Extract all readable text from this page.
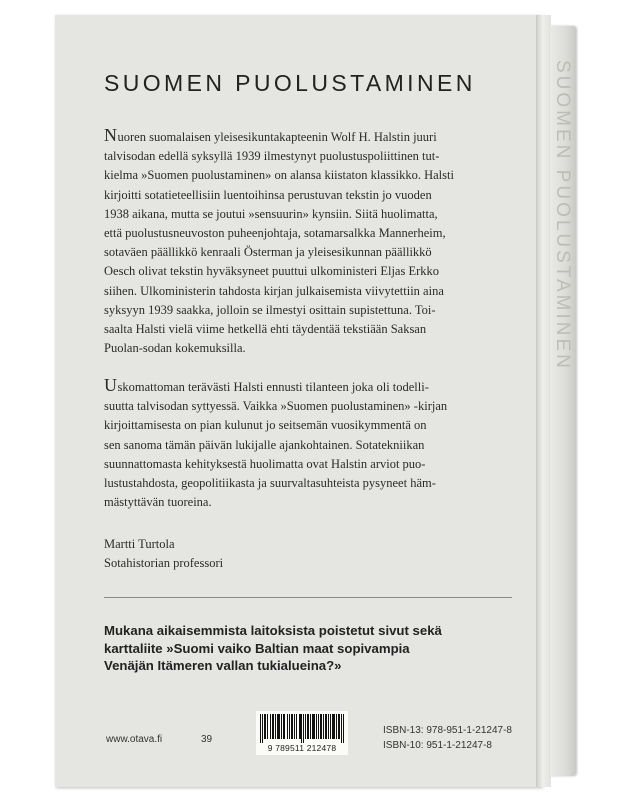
SUOMEN PUOLUSTAMINEN
SUOMEN PUOLUSTAMINEN
Nuoren suomalaisen yleisesikuntakapteenin Wolf H. Halstin juuri
talvisodan edellä syksyllä 1939 ilmestynyt puolustuspoliittinen tut-
kielma »Suomen puolustaminen» on alansa kiistaton klassikko. Halsti
kirjoitti sotatieteellisiin luentoihinsa perustuvan tekstin jo vuoden
1938 aikana, mutta se joutui »sensuurin» kynsiin. Siitä huolimatta,
että puolustusneuvoston puheenjohtaja, sotamarsalkka Mannerheim,
sotaväen päällikkö kenraali Österman ja yleisesikunnan päällikkö
Oesch olivat tekstin hyväksyneet puuttui ulkoministeri Eljas Erkko
siihen. Ulkoministerin tahdosta kirjan julkaisemista viivytettiin aina
syksyyn 1939 saakka, jolloin se ilmestyi osittain supistettuna. Toi-
saalta Halsti vielä viime hetkellä ehti täydentää tekstiään Saksan
Puolan-sodan kokemuksilla.
Uskomattoman terävästi Halsti ennusti tilanteen joka oli todelli-
suutta talvisodan syttyessä. Vaikka »Suomen puolustaminen» -kirjan
kirjoittamisesta on pian kulunut jo seitsemän vuosikymmentä on
sen sanoma tämän päivän lukijalle ajankohtainen. Sotatekniikan
suunnattomasta kehityksestä huolimatta ovat Halstin arviot puo-
lustustahdosta, geopolitiikasta ja suurvaltasuhteista pysyneet häm-
mästyttävän tuoreina.
Martti Turtola
Sotahistorian professori
Mukana aikaisemmista laitoksista poistetut sivut sekä
karttaliite »Suomi vaiko Baltian maat sopivampia
Venäjän Itämeren vallan tukialueina?»
www.otava.fi	39
9 789511 212478
ISBN-13: 978-951-1-21247-8
ISBN-10: 951-1-21247-8
